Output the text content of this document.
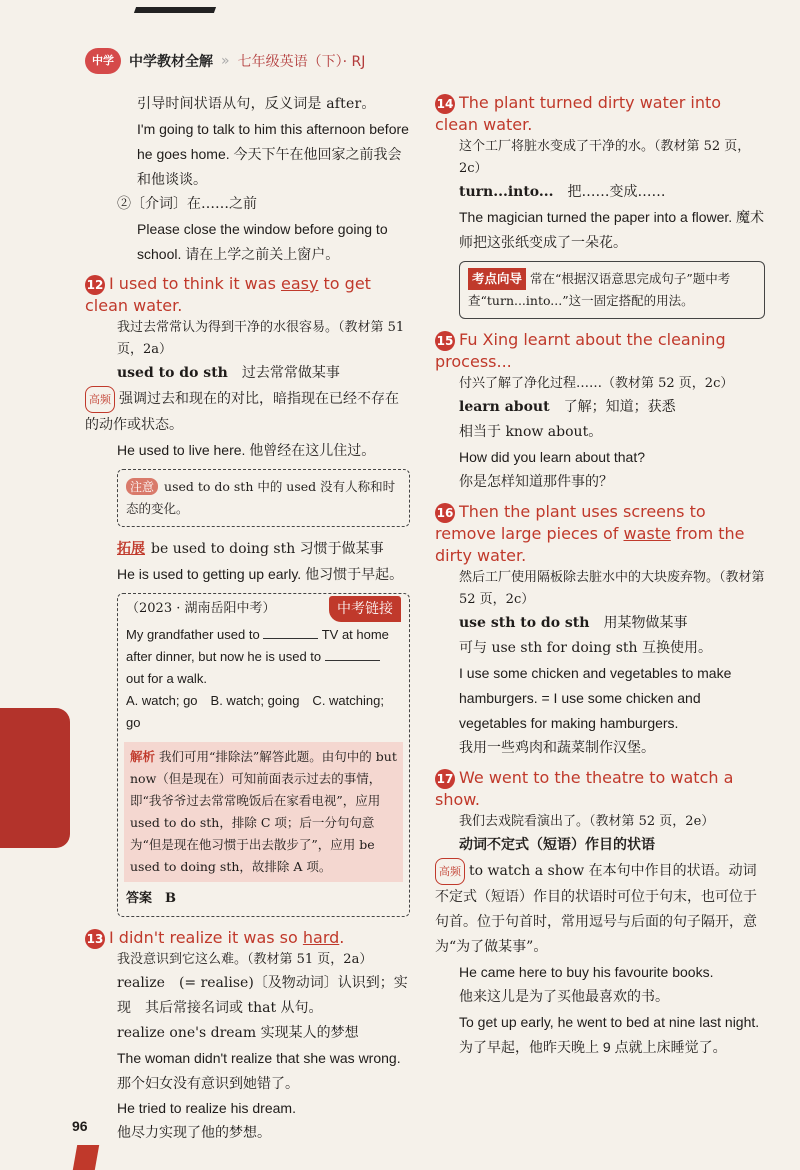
中学	中学教材全解 » 七年级英语（下）· RJ

引导时间状语从句，反义词是 after。

I'm going to talk to him this afternoon before he goes home. 今天下午在他回家之前我会和他谈谈。

②〔介词〕在……之前

Please close the window before going to school. 请在上学之前关上窗户。

12 I used to think it was easy to get clean water.

我过去常常认为得到干净的水很容易。（教材第 51 页，2a）

used to do sth　 过去常常做某事

高频 强调过去和现在的对比，暗指现在已经不存在的动作或状态。

He used to live here. 他曾经在这儿住过。

注意 used to do sth 中的 used 没有人称和时态的变化。

拓展 be used to doing sth 习惯于做某事

He is used to getting up early. 他习惯于早起。

（2023 · 湖南岳阳中考）	中考链接
My grandfather used to	TV at home after dinner, but now he is used to  out for a walk.
A. watch; go　B. watch; going　C. watching; go
解析 我们可用“排除法”解答此题。由句中的 but now（但是现在）可知前面表示过去的事情，即“我爷爷过去常常晚饭后在家看电视”，应用 used to do sth，排除 C 项；后一分句句意为“但是现在他习惯于出去散步了”，应用 be used to doing sth，故排除 A 项。
答案　 B
13 I didn't realize it was so hard.

我没意识到它这么难。（教材第 51 页，2a）

realize　(= realise)〔及物动词〕认识到；实现　其后常接名词或 that 从句。

realize one's dream 实现某人的梦想

The woman didn't realize that she was wrong. 那个妇女没有意识到她错了。

He tried to realize his dream.

他尽力实现了他的梦想。

14 The plant turned dirty water into clean water.

这个工厂将脏水变成了干净的水。（教材第 52 页，2c）

turn...into...　 把……变成……

The magician turned the paper into a flower. 魔术师把这张纸变成了一朵花。

考点向导 常在“根据汉语意思完成句子”题中考查“turn...into...”这一固定搭配的用法。
15 Fu Xing learnt about the cleaning process...

付兴了解了净化过程……（教材第 52 页，2c）

learn about　 了解；知道；获悉

相当于 know about。

How did you learn about that?

你是怎样知道那件事的？

16 Then the plant uses screens to remove large pieces of waste from the dirty water.

然后工厂使用隔板除去脏水中的大块废弃物。（教材第 52 页，2c）

use sth to do sth　 用某物做某事

可与 use sth for doing sth 互换使用。

I use some chicken and vegetables to make hamburgers. = I use some chicken and vegetables for making hamburgers.

我用一些鸡肉和蔬菜制作汉堡。

17 We went to the theatre to watch a show.

我们去戏院看演出了。（教材第 52 页，2e）

动词不定式（短语）作目的状语

高频 to watch a show 在本句中作目的状语。动词不定式（短语）作目的状语时可位于句末，也可位于句首。位于句首时，常用逗号与后面的句子隔开，意为“为了做某事”。

He came here to buy his favourite books.

他来这儿是为了买他最喜欢的书。

To get up early, he went to bed at nine last night. 为了早起，他昨天晚上 9 点就上床睡觉了。

96
